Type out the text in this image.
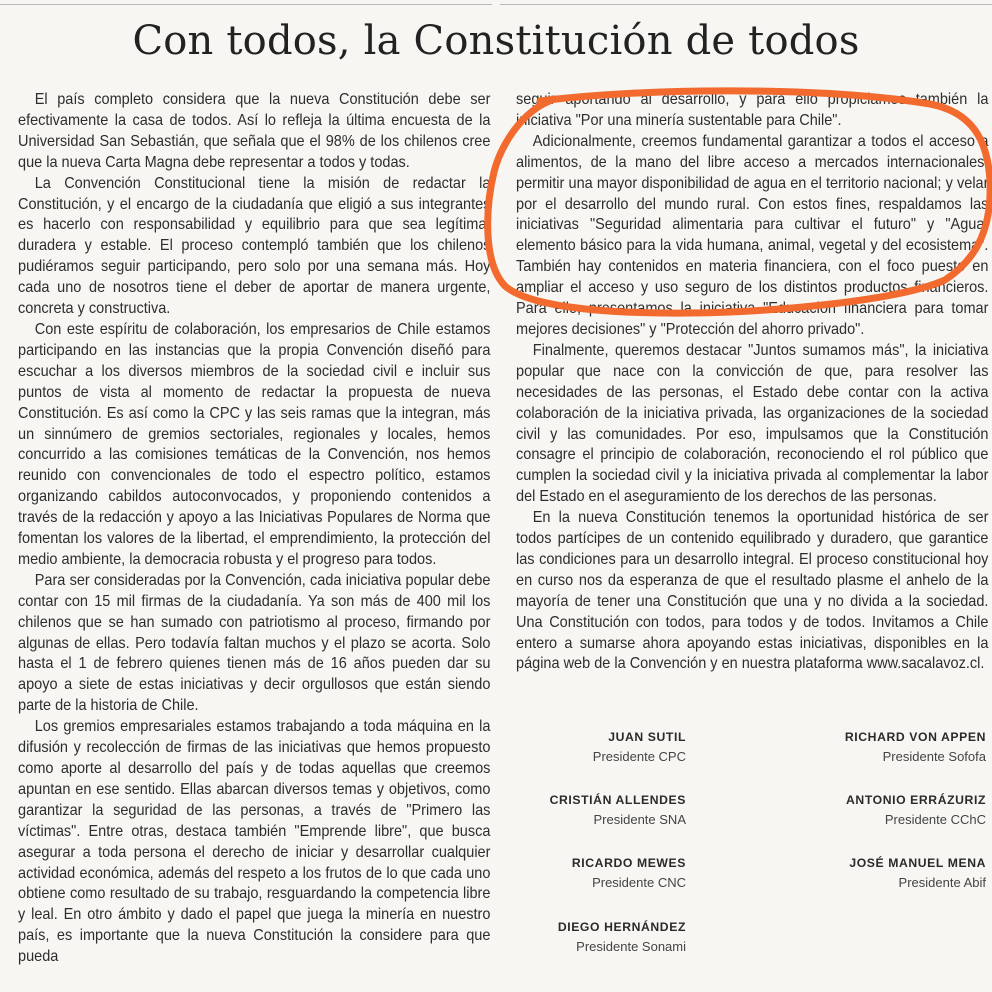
Con todos, la Constitución de todos

El país completo considera que la nueva Constitución debe ser efectivamente la casa de todos. Así lo refleja la última encuesta de la Universidad San Sebastián, que señala que el 98% de los chilenos cree que la nueva Carta Magna debe representar a todos y todas.

La Convención Constitucional tiene la misión de redactar la Constitución, y el encargo de la ciudadanía que eligió a sus integrantes es hacerlo con responsabilidad y equilibrio para que sea legítima, duradera y estable. El proceso contempló también que los chilenos pudiéramos seguir participando, pero solo por una semana más. Hoy cada uno de nosotros tiene el deber de aportar de manera urgente, concreta y constructiva.

Con este espíritu de colaboración, los empresarios de Chile estamos participando en las instancias que la propia Convención diseñó para escuchar a los diversos miembros de la sociedad civil e incluir sus puntos de vista al momento de redactar la propuesta de nueva Constitución. Es así como la CPC y las seis ramas que la integran, más un sinnúmero de gremios sectoriales, regionales y locales, hemos concurrido a las comisiones temáticas de la Convención, nos hemos reunido con convencionales de todo el espectro político, estamos organizando cabildos autoconvocados, y proponiendo contenidos a través de la redacción y apoyo a las Iniciativas Populares de Norma que fomentan los valores de la libertad, el emprendimiento, la protección del medio ambiente, la democracia robusta y el progreso para todos.

Para ser consideradas por la Convención, cada iniciativa popular debe contar con 15 mil firmas de la ciudadanía. Ya son más de 400 mil los chilenos que se han sumado con patriotismo al proceso, firmando por algunas de ellas. Pero todavía faltan muchos y el plazo se acorta. Solo hasta el 1 de febrero quienes tienen más de 16 años pueden dar su apoyo a siete de estas iniciativas y decir orgullosos que están siendo parte de la historia de Chile.

Los gremios empresariales estamos trabajando a toda máquina en la difusión y recolección de firmas de las iniciativas que hemos propuesto como aporte al desarrollo del país y de todas aquellas que creemos apuntan en ese sentido. Ellas abarcan diversos temas y objetivos, como garantizar la seguridad de las personas, a través de "Primero las víctimas". Entre otras, destaca también "Emprende libre", que busca asegurar a toda persona el derecho de iniciar y desarrollar cualquier actividad económica, además del respeto a los frutos de lo que cada uno obtiene como resultado de su trabajo, resguardando la competencia libre y leal. En otro ámbito y dado el papel que juega la minería en nuestro país, es importante que la nueva Constitución la considere para que pueda

seguir aportando al desarrollo, y para ello propiciamos también la iniciativa "Por una minería sustentable para Chile".

Adicionalmente, creemos fundamental garantizar a todos el acceso a alimentos, de la mano del libre acceso a mercados internacionales; permitir una mayor disponibilidad de agua en el territorio nacional; y velar por el desarrollo del mundo rural. Con estos fines, respaldamos las iniciativas "Seguridad alimentaria para cultivar el futuro" y "Agua: elemento básico para la vida humana, animal, vegetal y del ecosistema". También hay contenidos en materia financiera, con el foco puesto en ampliar el acceso y uso seguro de los distintos productos financieros. Para ello, presentamos la iniciativa "Educación financiera para tomar mejores decisiones" y "Protección del ahorro privado".

Finalmente, queremos destacar "Juntos sumamos más", la iniciativa popular que nace con la convicción de que, para resolver las necesidades de las personas, el Estado debe contar con la activa colaboración de la iniciativa privada, las organizaciones de la sociedad civil y las comunidades. Por eso, impulsamos que la Constitución consagre el principio de colaboración, reconociendo el rol público que cumplen la sociedad civil y la iniciativa privada al complementar la labor del Estado en el aseguramiento de los derechos de las personas.

En la nueva Constitución tenemos la oportunidad histórica de ser todos partícipes de un contenido equilibrado y duradero, que garantice las condiciones para un desarrollo integral. El proceso constitucional hoy en curso nos da esperanza de que el resultado plasme el anhelo de la mayoría de tener una Constitución que una y no divida a la sociedad. Una Constitución con todos, para todos y de todos. Invitamos a Chile entero a sumarse ahora apoyando estas iniciativas, disponibles en la página web de la Convención y en nuestra plataforma www.sacalavoz.cl.

JUAN SUTIL
Presidente CPC
RICHARD VON APPEN
Presidente Sofofa
CRISTIÁN ALLENDES
Presidente SNA
ANTONIO ERRÁZURIZ
Presidente CChC
RICARDO MEWES
Presidente CNC
JOSÉ MANUEL MENA
Presidente Abif
DIEGO HERNÁNDEZ
Presidente Sonami
